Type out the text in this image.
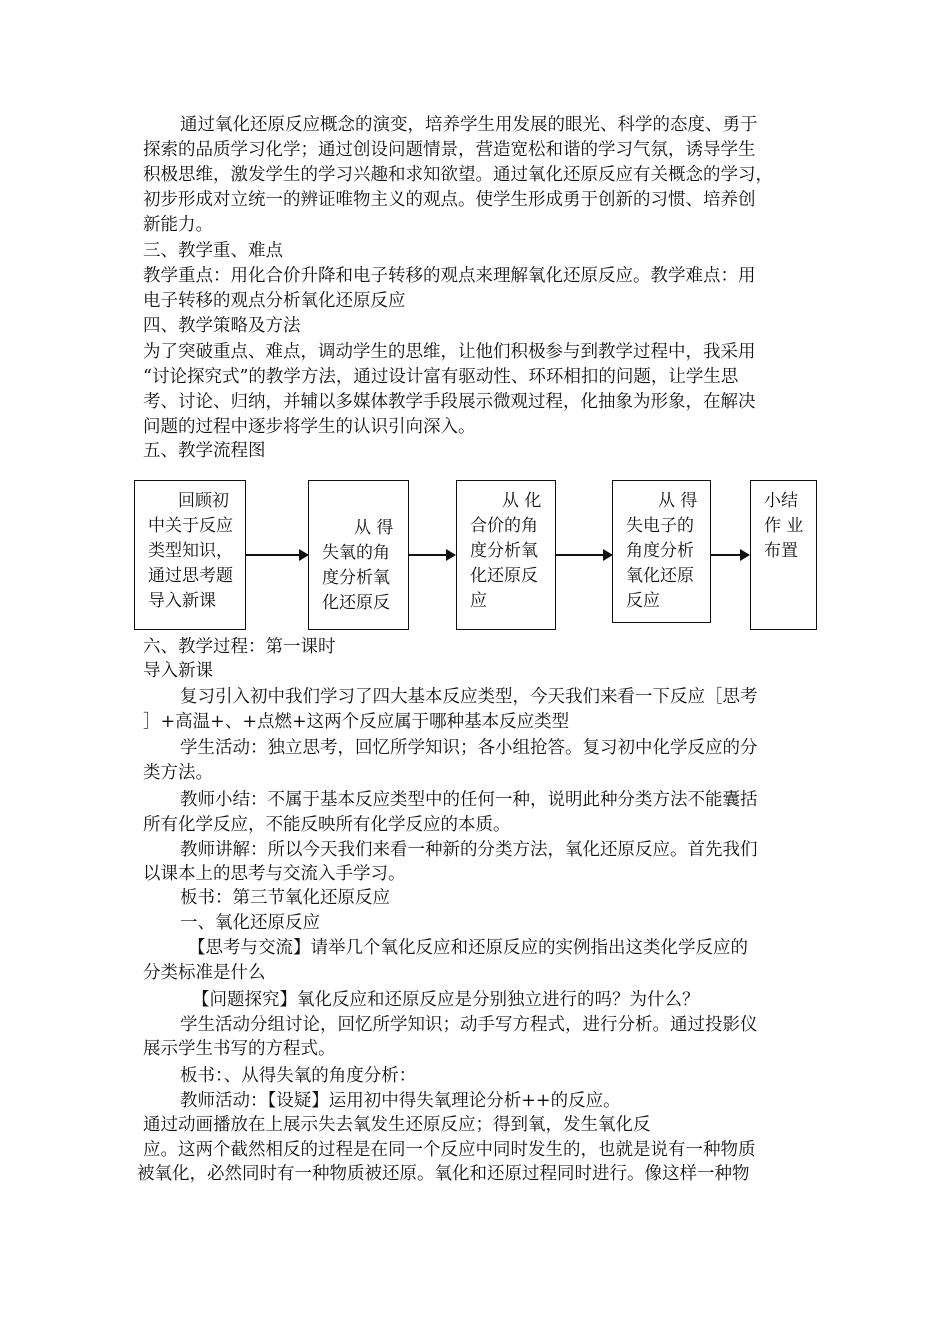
通过氧化还原反应概念的演变，培养学生用发展的眼光、科学的态度、勇于
探索的品质学习化学；通过创设问题情景，营造宽松和谐的学习气氛，诱导学生
积极思维，激发学生的学习兴趣和求知欲望。通过氧化还原反应有关概念的学习，
初步形成对立统一的辨证唯物主义的观点。使学生形成勇于创新的习惯、培养创
新能力。
三、教学重、难点
教学重点：用化合价升降和电子转移的观点来理解氧化还原反应。教学难点：用
电子转移的观点分析氧化还原反应
四、教学策略及方法
为了突破重点、难点，调动学生的思维，让他们积极参与到教学过程中，我采用
“讨论探究式”的教学方法，通过设计富有驱动性、环环相扣的问题，让学生思
考、讨论、归纳，并辅以多媒体教学手段展示微观过程，化抽象为形象，在解决
问题的过程中逐步将学生的认识引向深入。
五、教学流程图
回顾初
中关于反应
类型知识，
通过思考题
导入新课
从 得
失氧的角
度分析氧
化还原反
从 化
合价的角
度分析氧
化还原反
应
从 得
失电子的
角度分析
氧化还原
反应
小结
作 业
布置
六、教学过程：第一课时
导入新课
复习引入初中我们学习了四大基本反应类型，今天我们来看一下反应［思考
］+高温+、+点燃+这两个反应属于哪种基本反应类型
学生活动：独立思考，回忆所学知识；各小组抢答。复习初中化学反应的分
类方法。
教师小结：不属于基本反应类型中的任何一种，说明此种分类方法不能囊括
所有化学反应，不能反映所有化学反应的本质。
教师讲解：所以今天我们来看一种新的分类方法，氧化还原反应。首先我们
以课本上的思考与交流入手学习。
板书：第三节氧化还原反应
一、氧化还原反应
【思考与交流】请举几个氧化反应和还原反应的实例指出这类化学反应的
分类标准是什么
【问题探究】氧化反应和还原反应是分别独立进行的吗？为什么？
学生活动分组讨论，回忆所学知识；动手写方程式，进行分析。通过投影仪
展示学生书写的方程式。
板书：、从得失氧的角度分析：
教师活动：【设疑】运用初中得失氧理论分析++的反应。
通过动画播放在上展示失去氧发生还原反应；得到氧，发生氧化反
应。这两个截然相反的过程是在同一个反应中同时发生的，也就是说有一种物质
被氧化，必然同时有一种物质被还原。氧化和还原过程同时进行。像这样一种物
